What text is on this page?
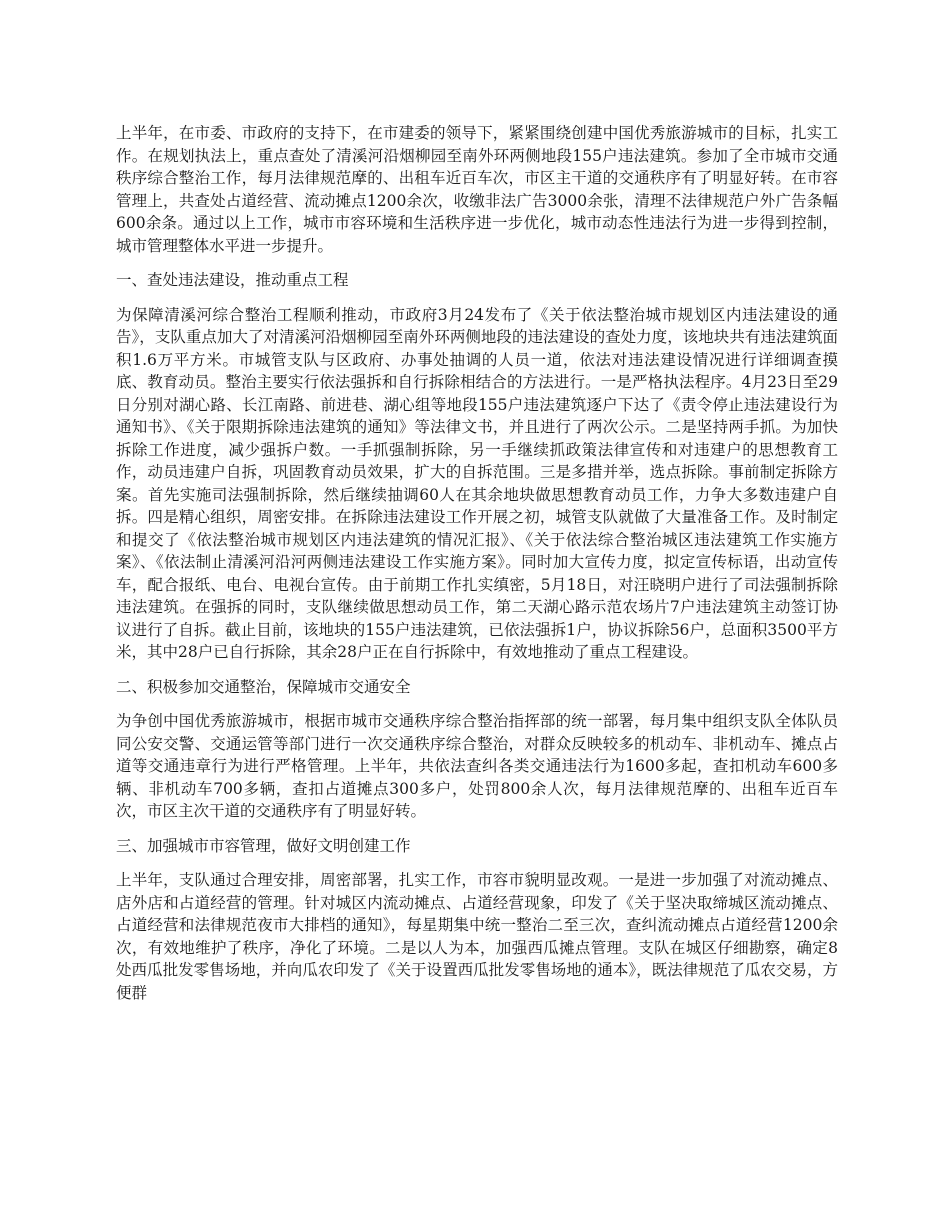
上半年，在市委、市政府的支持下，在市建委的领导下，紧紧围绕创建中国优秀旅游城市的目标，扎实工作。在规划执法上，重点查处了清溪河沿烟柳园至南外环两侧地段155户违法建筑。参加了全市城市交通秩序综合整治工作，每月法律规范摩的、出租车近百车次，市区主干道的交通秩序有了明显好转。在市容管理上，共查处占道经营、流动摊点1200余次，收缴非法广告3000余张，清理不法律规范户外广告条幅600余条。通过以上工作，城市市容环境和生活秩序进一步优化，城市动态性违法行为进一步得到控制，城市管理整体水平进一步提升。

一、查处违法建设，推动重点工程

为保障清溪河综合整治工程顺利推动，市政府3月24发布了《关于依法整治城市规划区内违法建设的通告》，支队重点加大了对清溪河沿烟柳园至南外环两侧地段的违法建设的查处力度，该地块共有违法建筑面积1.6万平方米。市城管支队与区政府、办事处抽调的人员一道，依法对违法建设情况进行详细调查摸底、教育动员。整治主要实行依法强拆和自行拆除相结合的方法进行。一是严格执法程序。4月23日至29日分别对湖心路、长江南路、前进巷、湖心组等地段155户违法建筑逐户下达了《责令停止违法建设行为通知书》、《关于限期拆除违法建筑的通知》等法律文书，并且进行了两次公示。二是坚持两手抓。为加快拆除工作进度，减少强拆户数。一手抓强制拆除，另一手继续抓政策法律宣传和对违建户的思想教育工作，动员违建户自拆，巩固教育动员效果，扩大的自拆范围。三是多措并举，选点拆除。事前制定拆除方案。首先实施司法强制拆除，然后继续抽调60人在其余地块做思想教育动员工作，力争大多数违建户自拆。四是精心组织，周密安排。在拆除违法建设工作开展之初，城管支队就做了大量准备工作。及时制定和提交了《依法整治城市规划区内违法建筑的情况汇报》、《关于依法综合整治城区违法建筑工作实施方案》、《依法制止清溪河沿河两侧违法建设工作实施方案》。同时加大宣传力度，拟定宣传标语，出动宣传车，配合报纸、电台、电视台宣传。由于前期工作扎实缜密，5月18日，对汪晓明户进行了司法强制拆除违法建筑。在强拆的同时，支队继续做思想动员工作，第二天湖心路示范农场片7户违法建筑主动签订协议进行了自拆。截止目前，该地块的155户违法建筑，已依法强拆1户，协议拆除56户，总面积3500平方米，其中28户已自行拆除，其余28户正在自行拆除中，有效地推动了重点工程建设。

二、积极参加交通整治，保障城市交通安全

为争创中国优秀旅游城市，根据市城市交通秩序综合整治指挥部的统一部署，每月集中组织支队全体队员同公安交警、交通运管等部门进行一次交通秩序综合整治，对群众反映较多的机动车、非机动车、摊点占道等交通违章行为进行严格管理。上半年，共依法查纠各类交通违法行为1600多起，查扣机动车600多辆、非机动车700多辆，查扣占道摊点300多户，处罚800余人次，每月法律规范摩的、出租车近百车次，市区主次干道的交通秩序有了明显好转。

三、加强城市市容管理，做好文明创建工作

上半年，支队通过合理安排，周密部署，扎实工作，市容市貌明显改观。一是进一步加强了对流动摊点、店外店和占道经营的管理。针对城区内流动摊点、占道经营现象，印发了《关于坚决取缔城区流动摊点、占道经营和法律规范夜市大排档的通知》，每星期集中统一整治二至三次，查纠流动摊点占道经营1200余次，有效地维护了秩序，净化了环境。二是以人为本，加强西瓜摊点管理。支队在城区仔细勘察，确定8处西瓜批发零售场地，并向瓜农印发了《关于设置西瓜批发零售场地的通本》，既法律规范了瓜农交易，方便群
